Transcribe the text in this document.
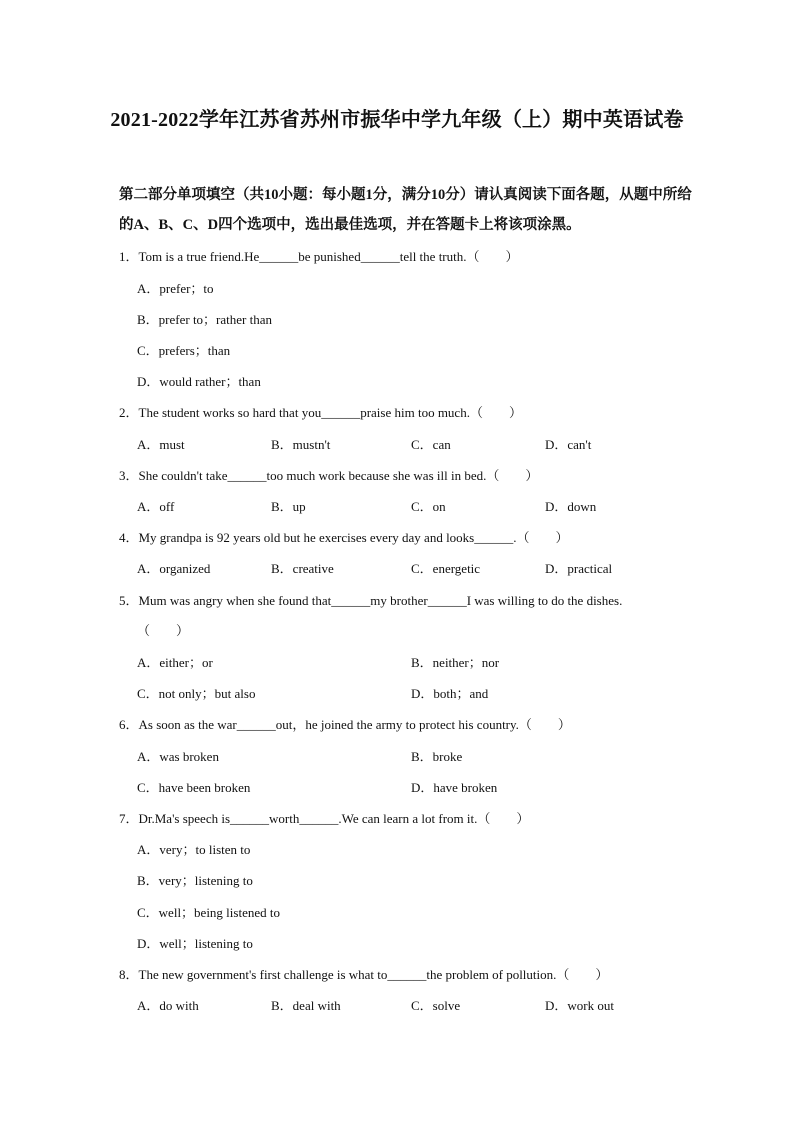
2021-2022学年江苏省苏州市振华中学九年级（上）期中英语试卷
第二部分单项填空（共10小题：每小题1分，满分10分）请认真阅读下面各题，从题中所给的A、B、C、D四个选项中，选出最佳选项，并在答题卡上将该项涂黑。
1．Tom is a true friend.He______be punished______tell the truth.（　　）
A．prefer；to
B．prefer to；rather than
C．prefers；than
D．would rather；than
2．The student works so hard that you______praise him too much.（　　）
A．must	B．mustn't	C．can	D．can't
3．She couldn't take______too much work because she was ill in bed.（　　）
A．off	B．up	C．on	D．down
4．My grandpa is 92 years old but he exercises every day and looks______.（　　）
A．organized	B．creative	C．energetic	D．practical
5．Mum was angry when she found that______my brother______I was willing to do the dishes.
（　　）
A．either；or	B．neither；nor
C．not only；but also	D．both；and
6．As soon as the war______out，he joined the army to protect his country.（　　）
A．was broken	B．broke
C．have been broken	D．have broken
7．Dr.Ma's speech is______worth______.We can learn a lot from it.（　　）
A．very；to listen to
B．very；listening to
C．well；being listened to
D．well；listening to
8．The new government's first challenge is what to______the problem of pollution.（　　）
A．do with	B．deal with	C．solve	D．work out
